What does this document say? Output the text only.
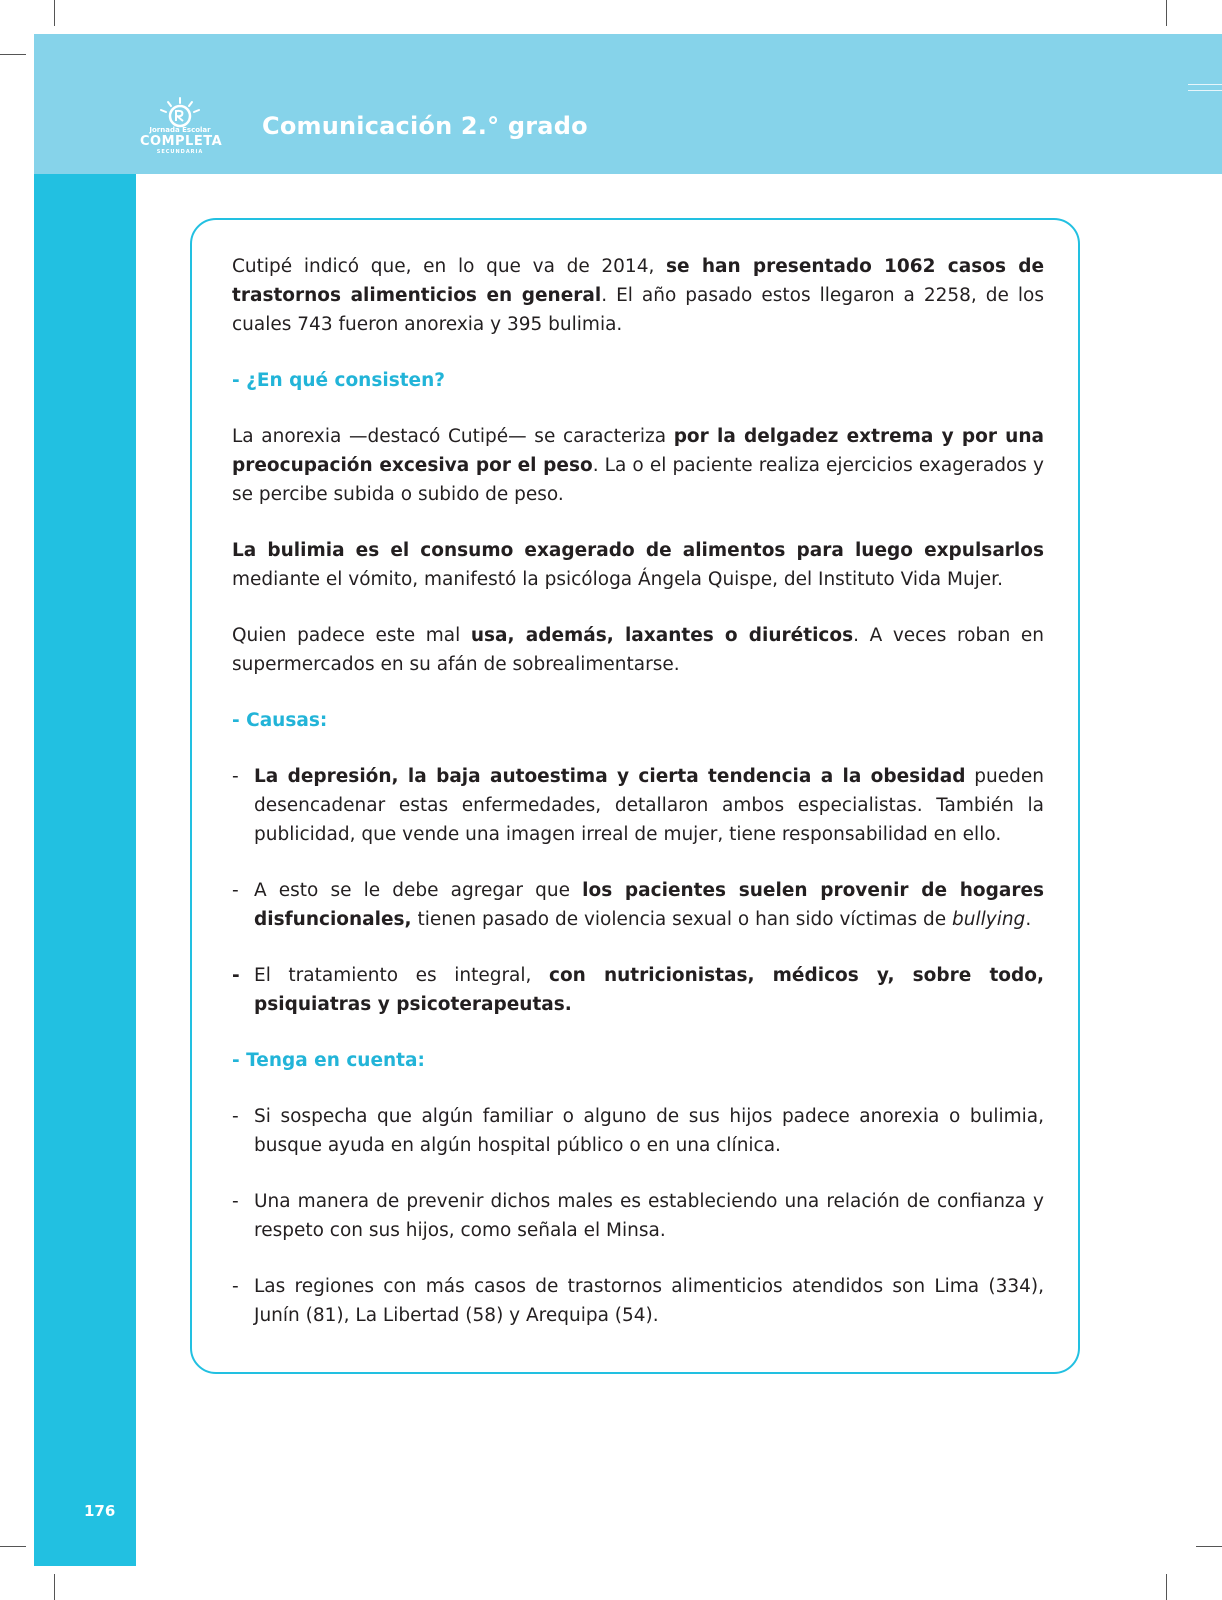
Jornada Escolar
COMPLETA
SECUNDARIA
Comunicación 2.° grado

Cutipé indicó que, en lo que va de 2014, se han presentado 1062 casos de trastornos alimenticios en general. El año pasado estos llegaron a 2258, de los cuales 743 fueron anorexia y 395 bulimia.

- ¿En qué consisten?

La anorexia —destacó Cutipé— se caracteriza por la delgadez extrema y por una preocupación excesiva por el peso. La o el paciente realiza ejercicios exagerados y se percibe subida o subido de peso.

La bulimia es el consumo exagerado de alimentos para luego expulsarlos mediante el vómito, manifestó la psicóloga Ángela Quispe, del Instituto Vida Mujer.

Quien padece este mal usa, además, laxantes o diuréticos. A veces roban en supermercados en su afán de sobrealimentarse.

- Causas:
- La depresión, la baja autoestima y cierta tendencia a la obesidad pueden desencadenar estas enfermedades, detallaron ambos especialistas. También la publicidad, que vende una imagen irreal de mujer, tiene responsabilidad en ello.
- A esto se le debe agregar que los pacientes suelen provenir de hogares disfuncionales, tienen pasado de violencia sexual o han sido víctimas de bullying.
- El tratamiento es integral, con nutricionistas, médicos y, sobre todo, psiquiatras y psicoterapeutas.
- Tenga en cuenta:
- Si sospecha que algún familiar o alguno de sus hijos padece anorexia o bulimia, busque ayuda en algún hospital público o en una clínica.
- Una manera de prevenir dichos males es estableciendo una relación de confianza y respeto con sus hijos, como señala el Minsa.
- Las regiones con más casos de trastornos alimenticios atendidos son Lima (334), Junín (81), La Libertad (58) y Arequipa (54).
176
